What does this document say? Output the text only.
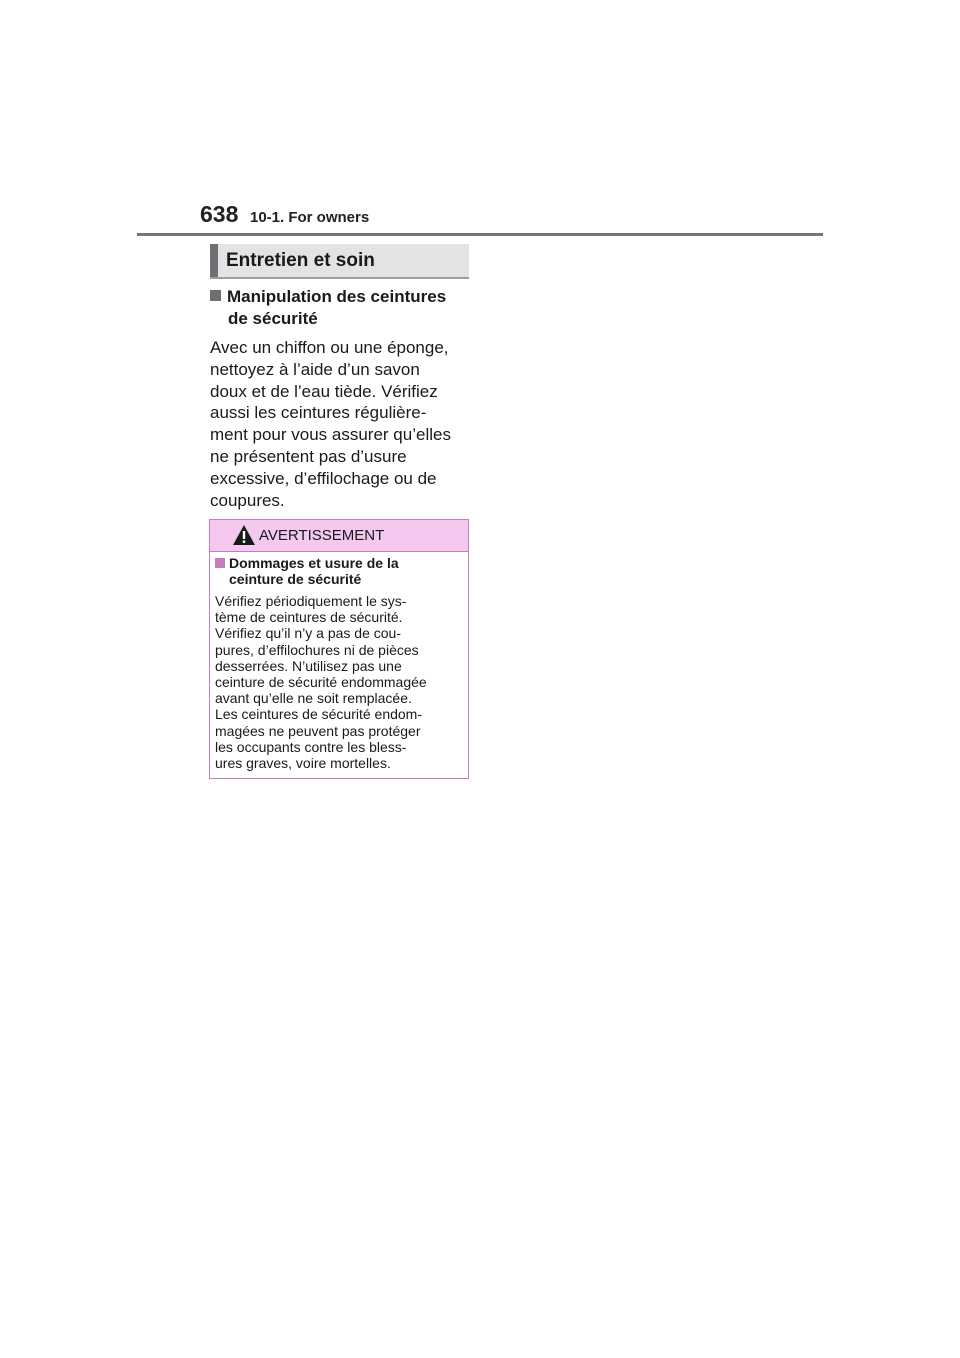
638 10-1. For owners
Entretien et soin
Manipulation des ceintures
de sécurité
Avec un chiffon ou une éponge,
nettoyez à l’aide d’un savon
doux et de l’eau tiède. Vérifiez
aussi les ceintures régulière-
ment pour vous assurer qu’elles
ne présentent pas d’usure
excessive, d’effilochage ou de
coupures.
AVERTISSEMENT
Dommages et usure de la
ceinture de sécurité
Vérifiez périodiquement le sys-
tème de ceintures de sécurité.
Vérifiez qu’il n’y a pas de cou-
pures, d’effilochures ni de pièces
desserrées. N’utilisez pas une
ceinture de sécurité endommagée
avant qu’elle ne soit remplacée.
Les ceintures de sécurité endom-
magées ne peuvent pas protéger
les occupants contre les bless-
ures graves, voire mortelles.
